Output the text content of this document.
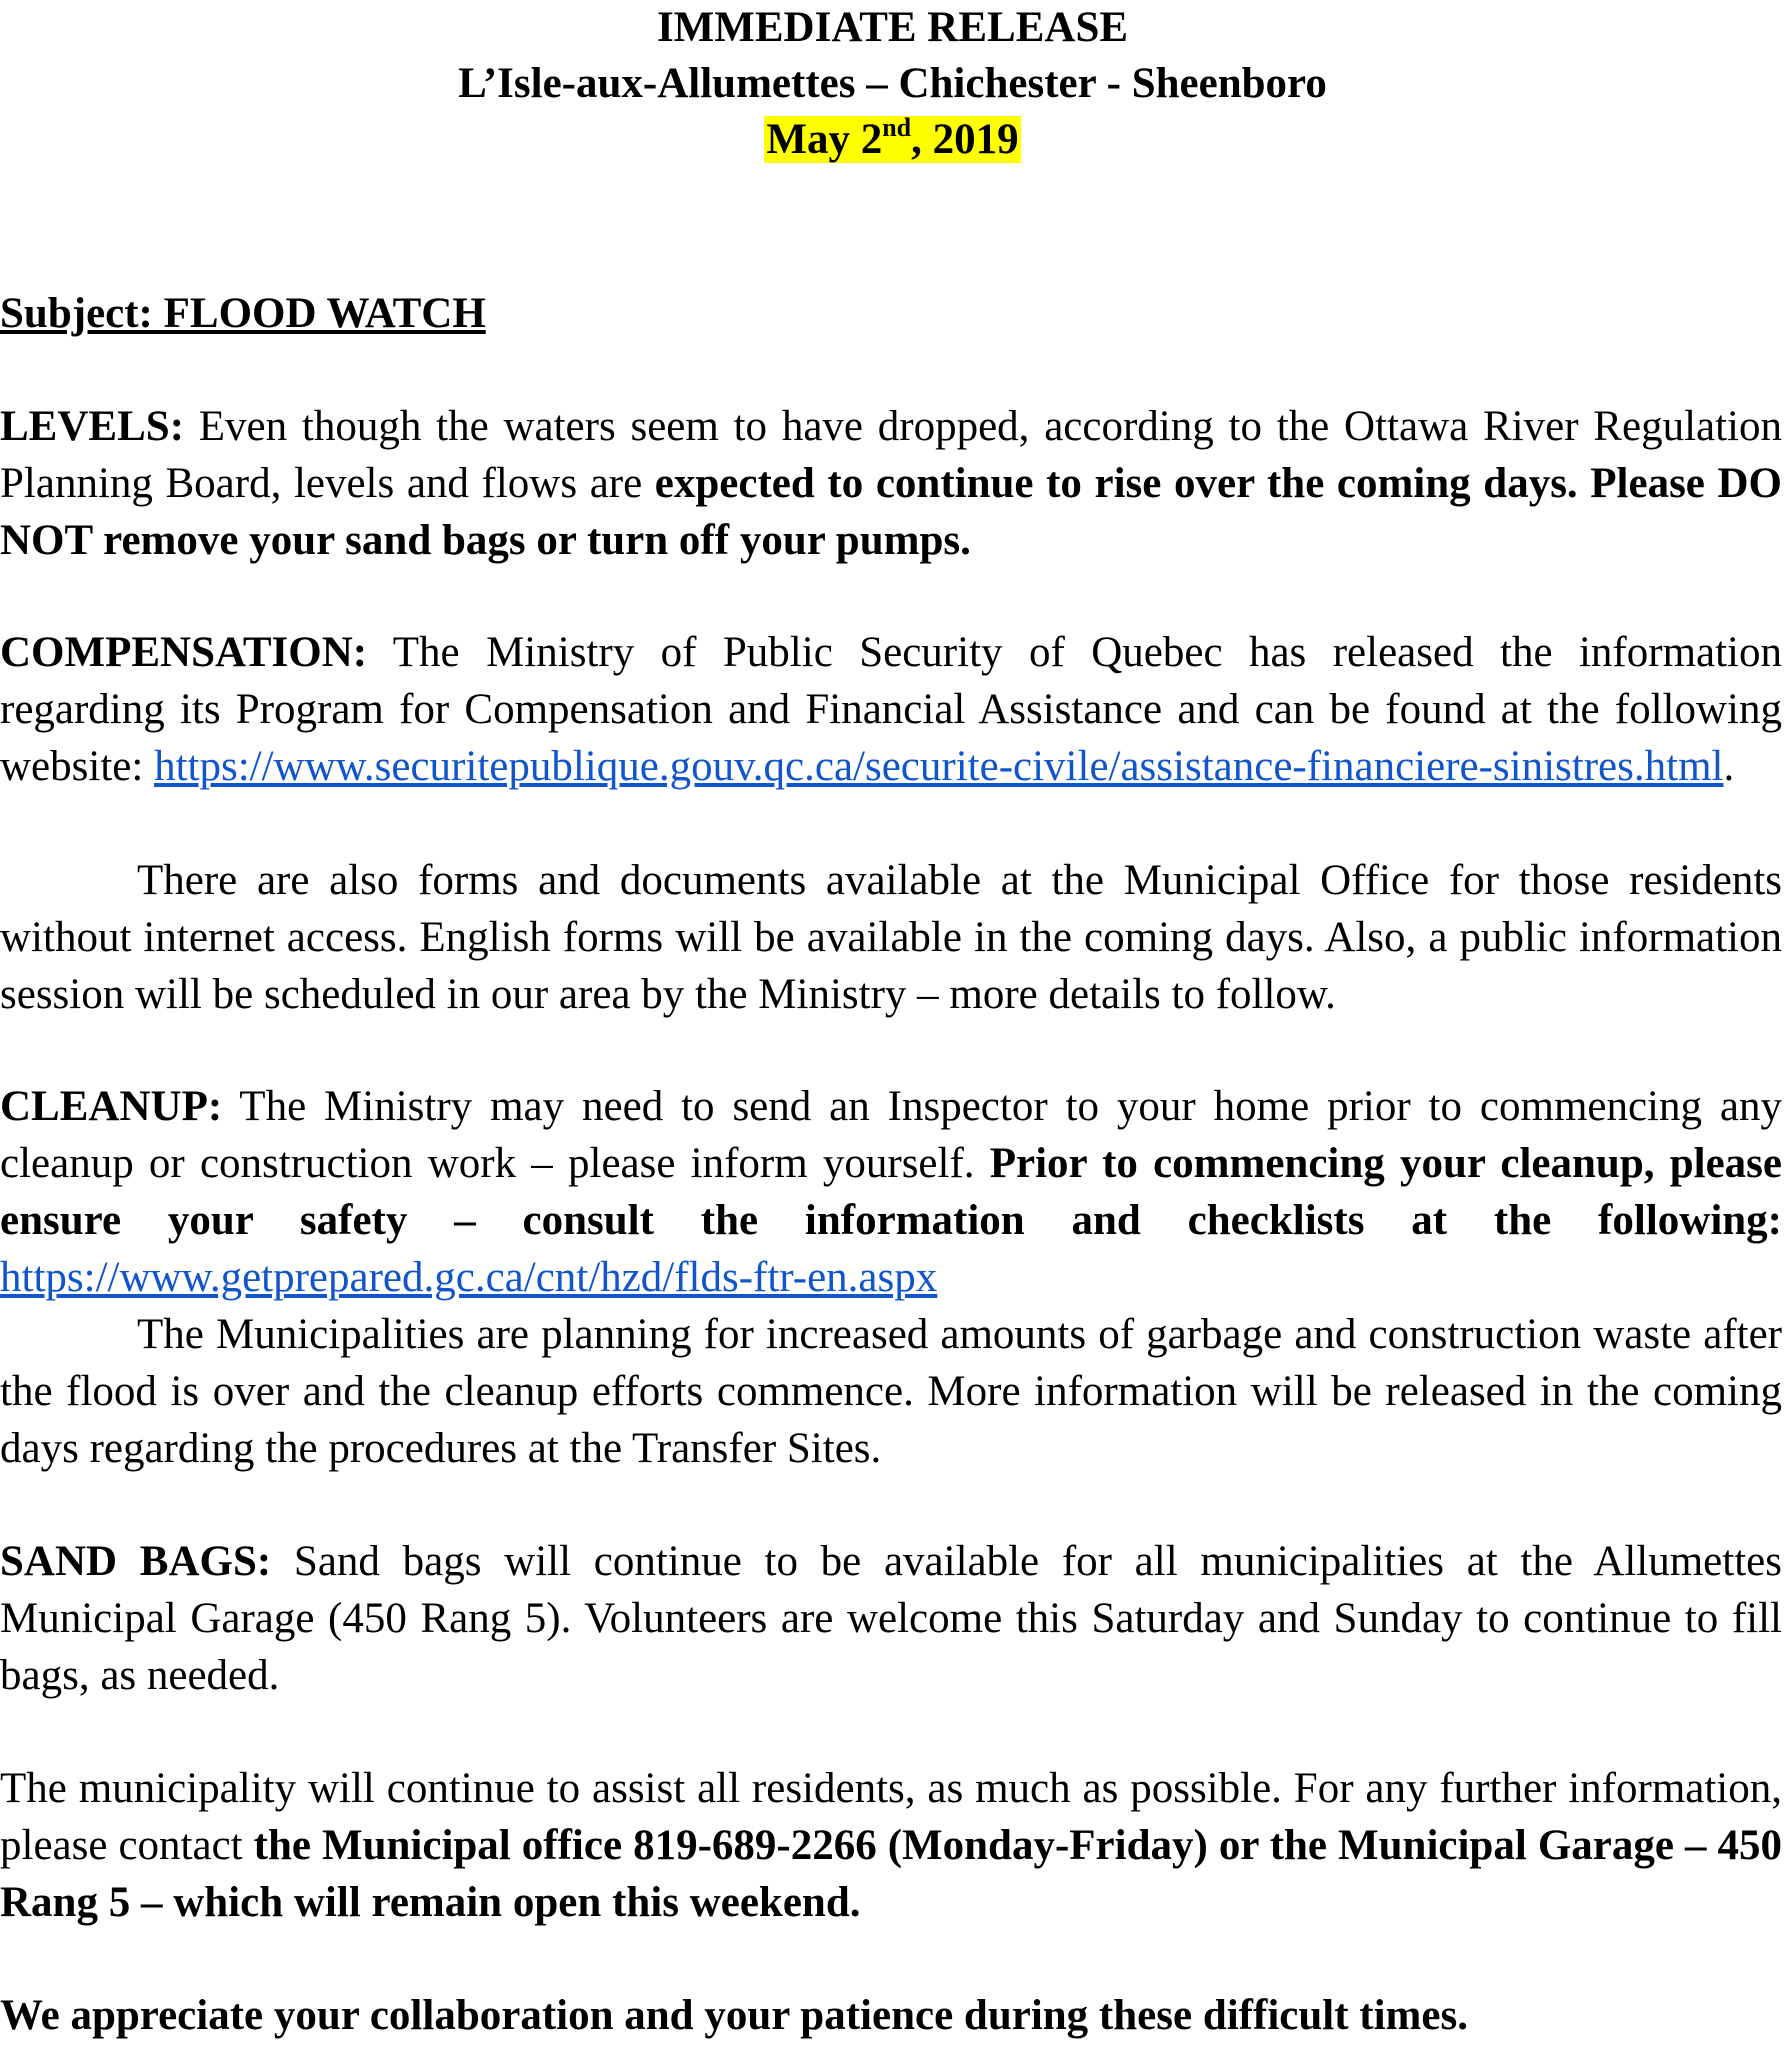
IMMEDIATE RELEASE
L’Isle-aux-Allumettes – Chichester - Sheenboro
May 2nd, 2019
Subject: FLOOD WATCH
LEVELS: Even though the waters seem to have dropped, according to the Ottawa River Regulation Planning Board, levels and flows are expected to continue to rise over the coming days. Please DO NOT remove your sand bags or turn off your pumps.
COMPENSATION: The Ministry of Public Security of Quebec has released the information regarding its Program for Compensation and Financial Assistance and can be found at the following website: https://www.securitepublique.gouv.qc.ca/securite-civile/assistance-financiere-sinistres.html.
There are also forms and documents available at the Municipal Office for those residents without internet access. English forms will be available in the coming days. Also, a public information session will be scheduled in our area by the Ministry – more details to follow.
CLEANUP: The Ministry may need to send an Inspector to your home prior to commencing any cleanup or construction work – please inform yourself. Prior to commencing your cleanup, please ensure your safety – consult the information and checklists at the following: https://www.getprepared.gc.ca/cnt/hzd/flds-ftr-en.aspx
The Municipalities are planning for increased amounts of garbage and construction waste after the flood is over and the cleanup efforts commence. More information will be released in the coming days regarding the procedures at the Transfer Sites.
SAND BAGS: Sand bags will continue to be available for all municipalities at the Allumettes Municipal Garage (450 Rang 5). Volunteers are welcome this Saturday and Sunday to continue to fill bags, as needed.
The municipality will continue to assist all residents, as much as possible. For any further information, please contact the Municipal office 819-689-2266 (Monday-Friday) or the Municipal Garage – 450 Rang 5 – which will remain open this weekend.
We appreciate your collaboration and your patience during these difficult times.
